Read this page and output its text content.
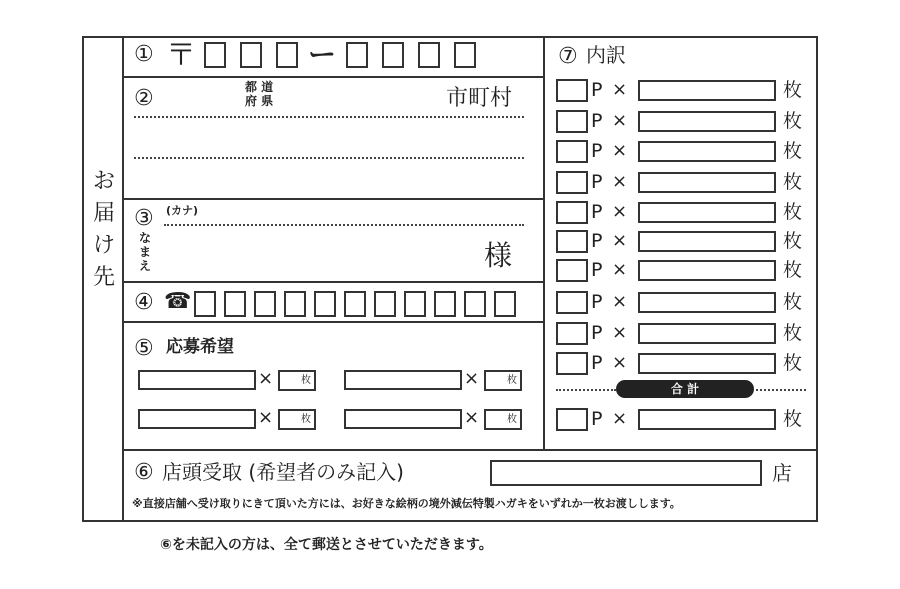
お
届
け
先
① 〒	ー
②	都 道
府 県	市町村
③ (カナ)
な
ま
え	様
④ ☎
⑤ 応募希望
×	枚	×	枚
×	枚	×	枚
⑦ 内訳
P ×	枚
P ×	枚
P ×	枚
P ×	枚
P ×	枚
P ×	枚
P ×	枚
P ×	枚
P ×	枚
P ×	枚
合 計
P ×	枚
⑥ 店頭受取 (希望者のみ記入)	店
※直接店舗へ受け取りにきて頂いた方には、お好きな絵柄の境外減伝特製ハガキをいずれか一枚お渡しします。
⑥を未記入の方は、全て郵送とさせていただきます。
